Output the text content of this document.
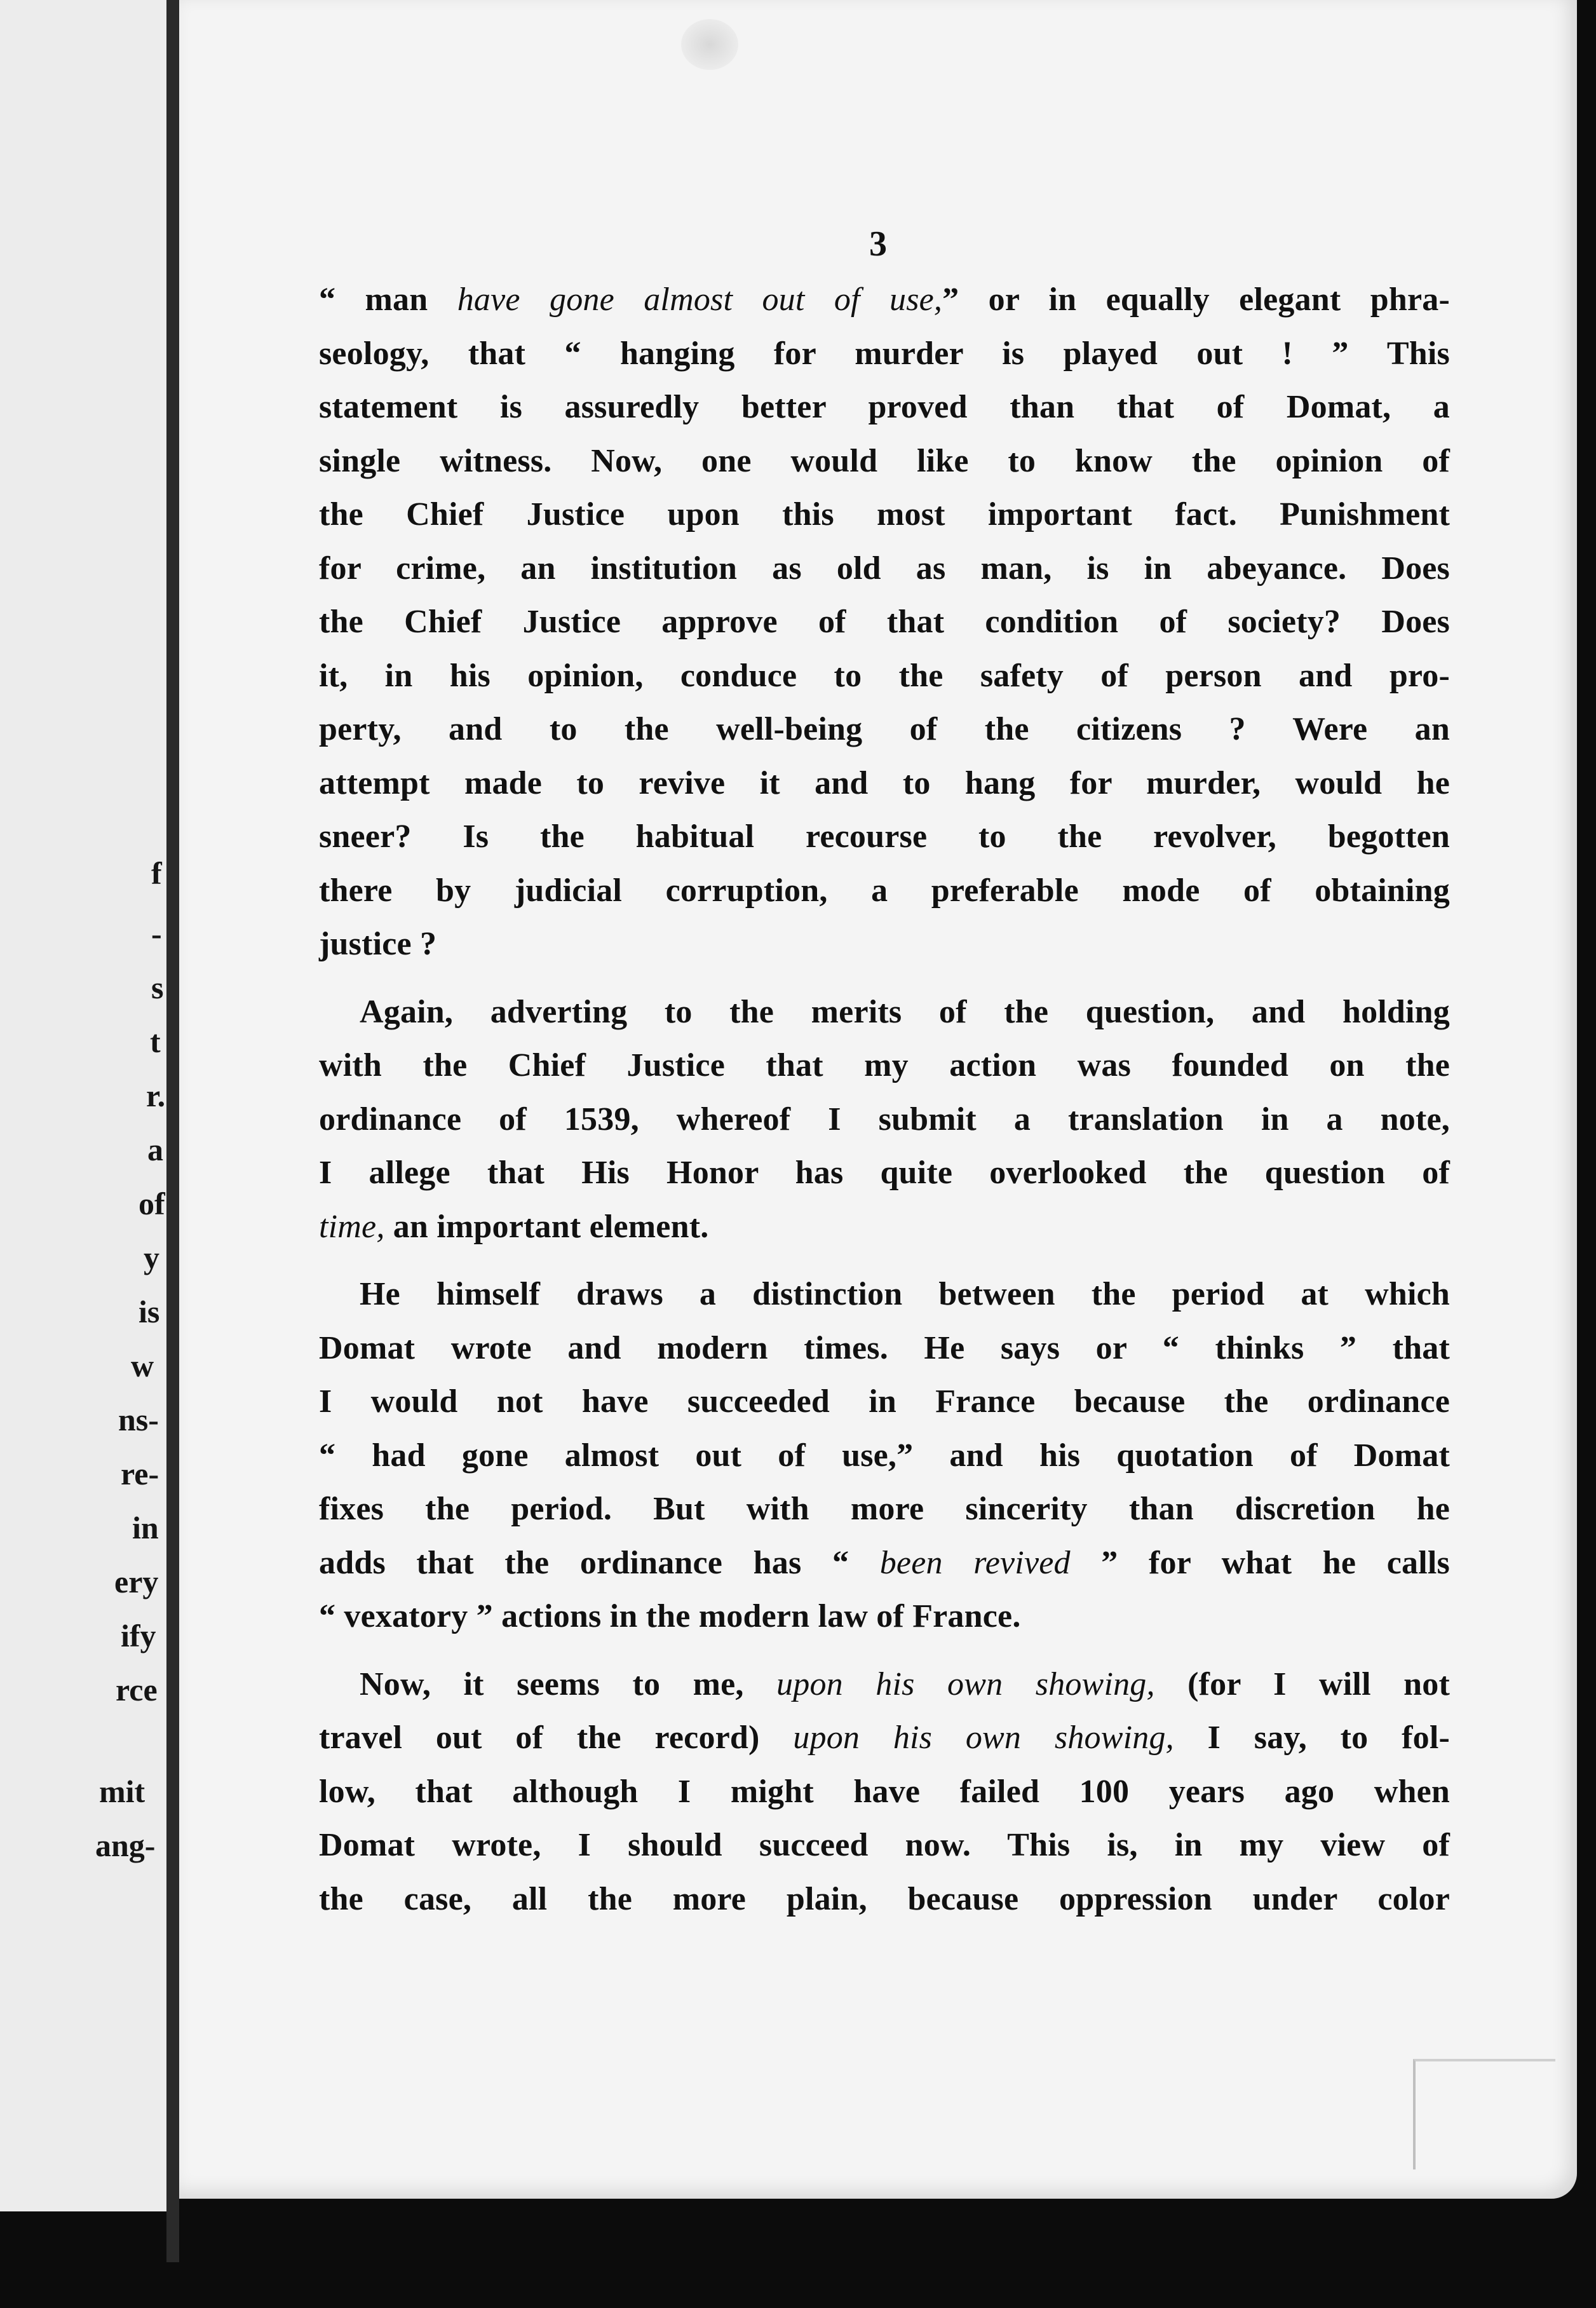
f
-
s
t
r.
a
of
y
is
w
ns-
re-
in
ery
ify
rce
mit
ang-
3
“ man have gone almost out of use,” or in equally elegant phra-
seology, that “ hanging for murder is played out ! ” This
statement is assuredly better proved than that of Domat, a
single witness. Now, one would like to know the opinion of
the Chief Justice upon this most important fact. Punishment
for crime, an institution as old as man, is in abeyance. Does
the Chief Justice approve of that condition of society? Does
it, in his opinion, conduce to the safety of person and pro-
perty, and to the well-being of the citizens ? Were an
attempt made to revive it and to hang for murder, would he
sneer? Is the habitual recourse to the revolver, begotten
there by judicial corruption, a preferable mode of obtaining
justice ?
Again, adverting to the merits of the question, and holding
with the Chief Justice that my action was founded on the
ordinance of 1539, whereof I submit a translation in a note,
I allege that His Honor has quite overlooked the question of
time, an important element.
He himself draws a distinction between the period at which
Domat wrote and modern times. He says or “ thinks ” that
I would not have succeeded in France because the ordinance
“ had gone almost out of use,” and his quotation of Domat
fixes the period. But with more sincerity than discretion he
adds that the ordinance has “ been revived ” for what he calls
“ vexatory ” actions in the modern law of France.
Now, it seems to me, upon his own showing, (for I will not
travel out of the record) upon his own showing, I say, to fol-
low, that although I might have failed 100 years ago when
Domat wrote, I should succeed now. This is, in my view of
the case, all the more plain, because oppression under color
